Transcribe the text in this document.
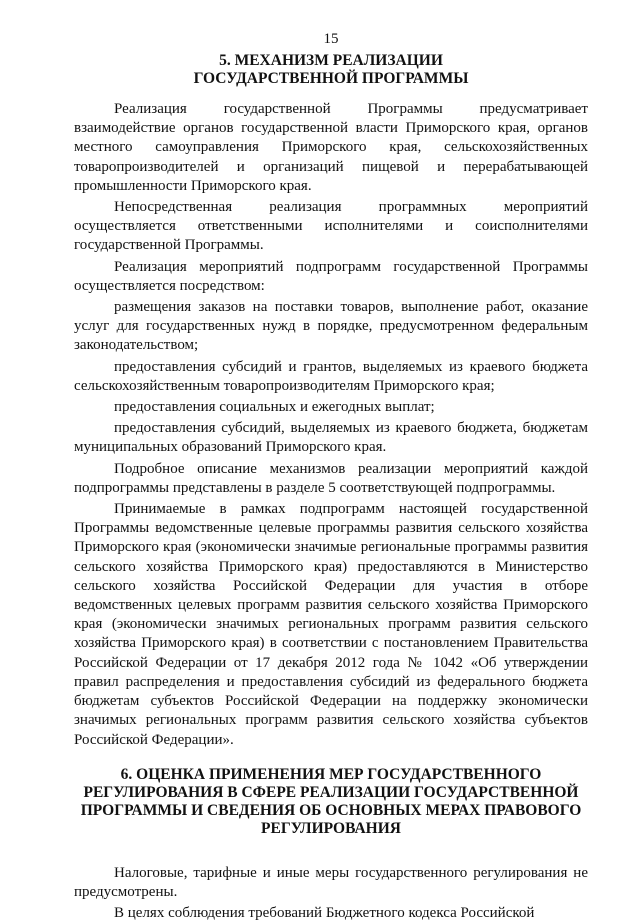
15
5. МЕХАНИЗМ РЕАЛИЗАЦИИ
ГОСУДАРСТВЕННОЙ ПРОГРАММЫ

Реализация государственной Программы предусматривает взаимодействие органов государственной власти Приморского края, органов местного самоуправления Приморского края, сельскохозяйственных товаропроизводителей и организаций пищевой и перерабатывающей промышленности Приморского края.

Непосредственная реализация программных мероприятий осуществляется ответственными исполнителями и соисполнителями государственной Программы.

Реализация мероприятий подпрограмм государственной Программы осуществляется посредством:

размещения заказов на поставки товаров, выполнение работ, оказание услуг для государственных нужд в порядке, предусмотренном федеральным законодательством;

предоставления субсидий и грантов, выделяемых из краевого бюджета сельскохозяйственным товаропроизводителям Приморского края;

предоставления социальных и ежегодных выплат;

предоставления субсидий, выделяемых из краевого бюджета, бюджетам муниципальных образований Приморского края.

Подробное описание механизмов реализации мероприятий каждой подпрограммы представлены в разделе 5 соответствующей подпрограммы.

Принимаемые в рамках подпрограмм настоящей государственной Программы ведомственные целевые программы развития сельского хозяйства Приморского края (экономически значимые региональные программы развития сельского хозяйства Приморского края) предоставляются в Министерство сельского хозяйства Российской Федерации для участия в отборе ведомственных целевых программ развития сельского хозяйства Приморского края (экономически значимых региональных программ развития сельского хозяйства Приморского края) в соответствии с постановлением Правительства Российской Федерации от 17 декабря 2012 года № 1042 «Об утверждении правил распределения и предоставления субсидий из федерального бюджета бюджетам субъектов Российской Федерации на поддержку экономически значимых региональных программ развития сельского хозяйства субъектов Российской Федерации».

6. ОЦЕНКА ПРИМЕНЕНИЯ МЕР ГОСУДАРСТВЕННОГО
РЕГУЛИРОВАНИЯ В СФЕРЕ РЕАЛИЗАЦИИ ГОСУДАРСТВЕННОЙ
ПРОГРАММЫ И СВЕДЕНИЯ ОБ ОСНОВНЫХ МЕРАХ ПРАВОВОГО
РЕГУЛИРОВАНИЯ

Налоговые, тарифные и иные меры государственного регулирования не предусмотрены.

В целях соблюдения требований Бюджетного кодекса Российской
